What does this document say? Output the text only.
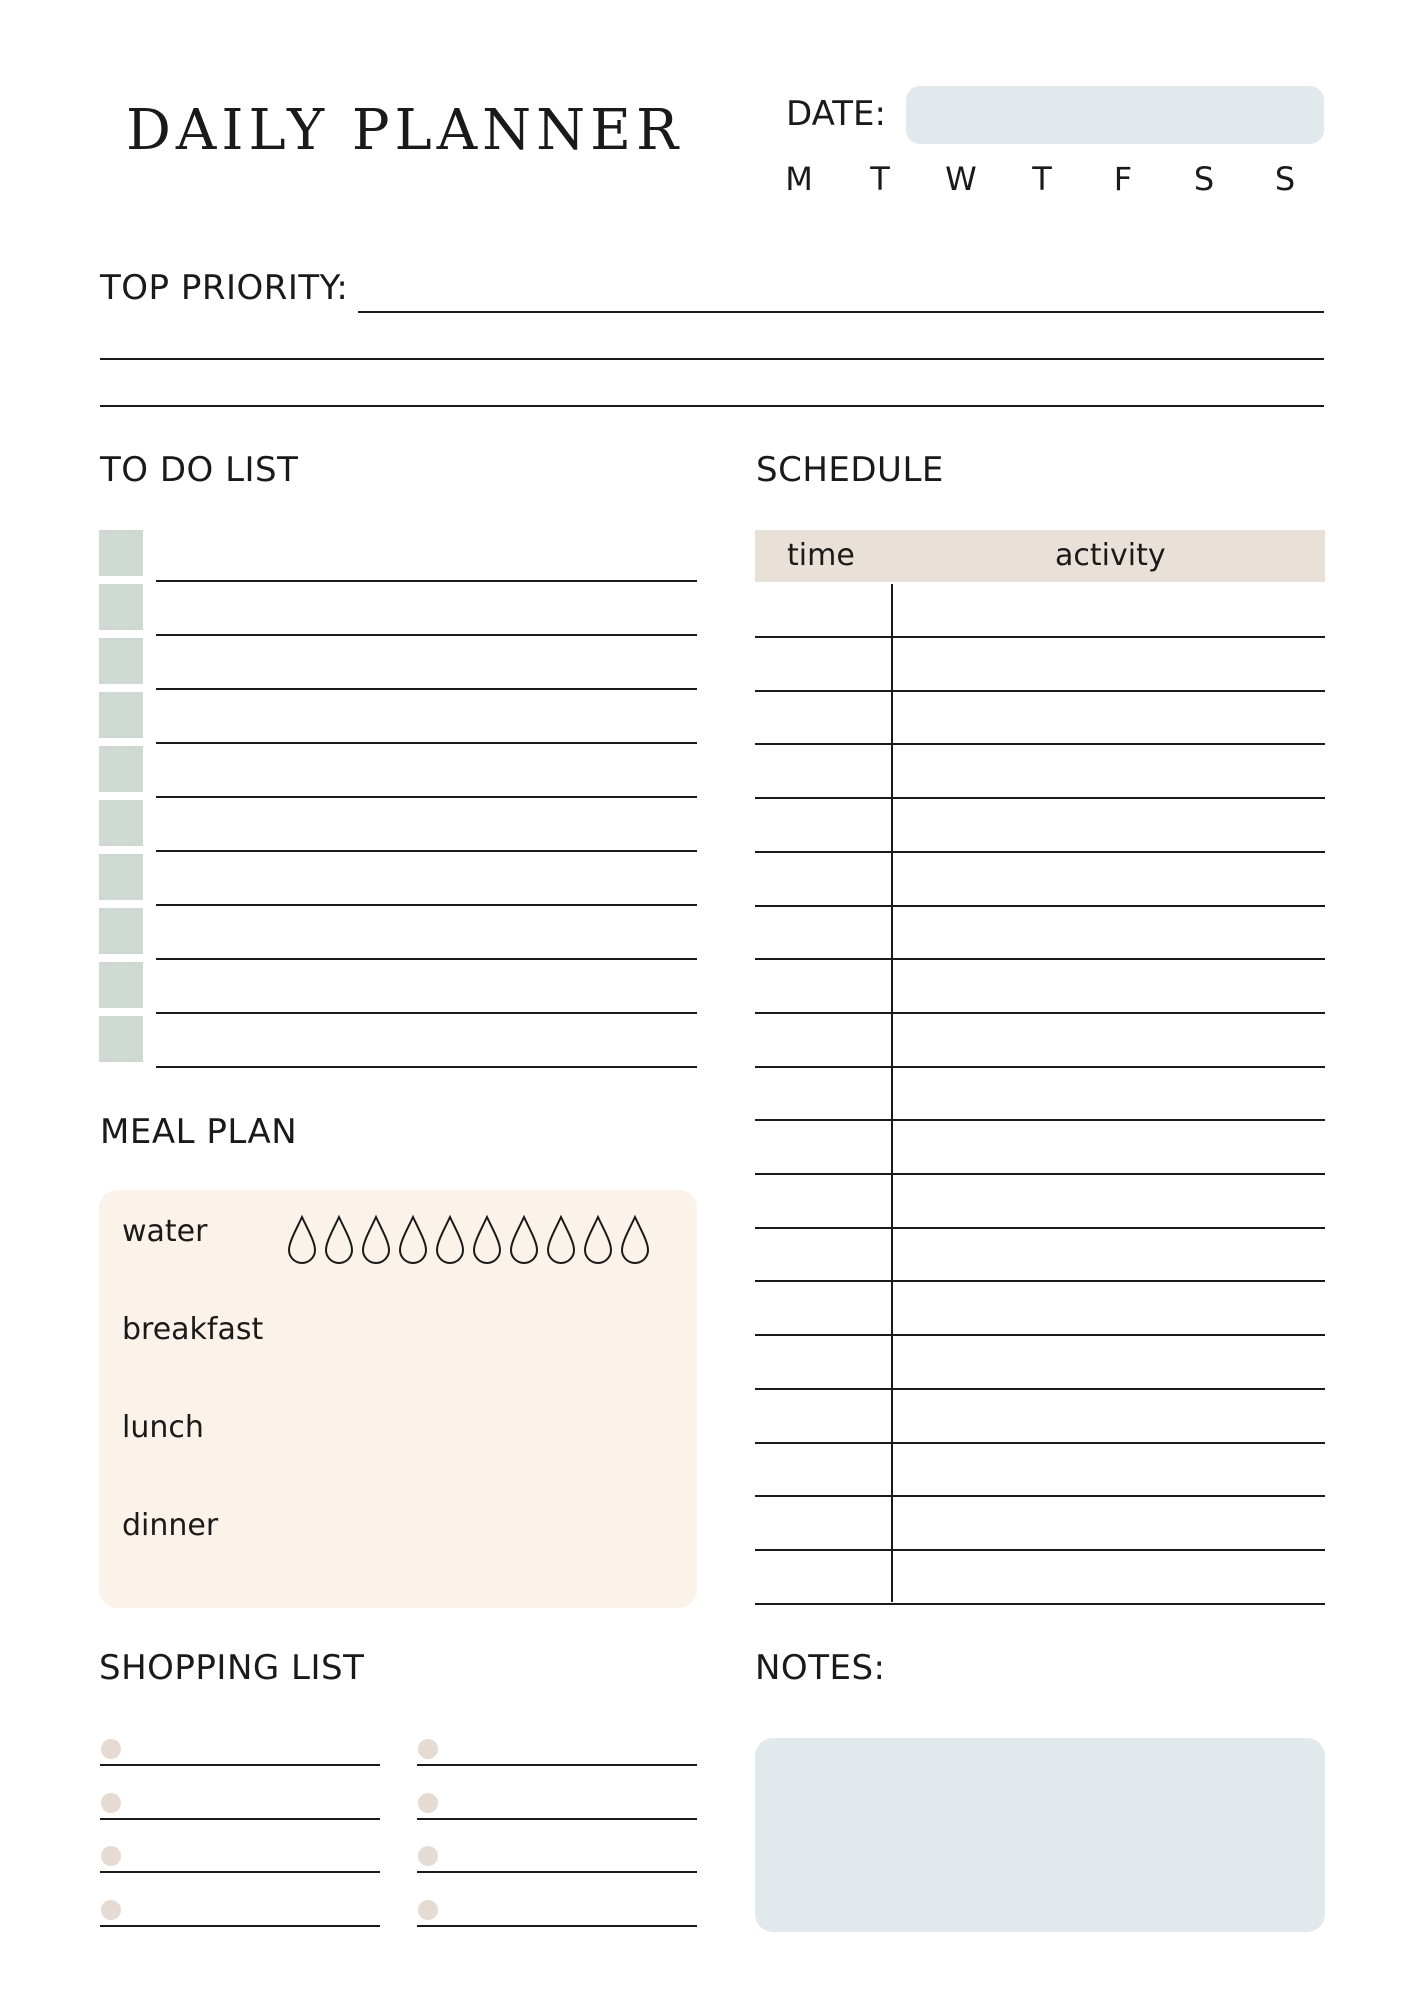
DAILY PLANNER	DATE:
M	T	W	T	F	S	S
TOP PRIORITY:
TO DO LIST	SCHEDULE
time	activity
MEAL PLAN
water
breakfast
lunch
dinner
SHOPPING LIST	NOTES:
